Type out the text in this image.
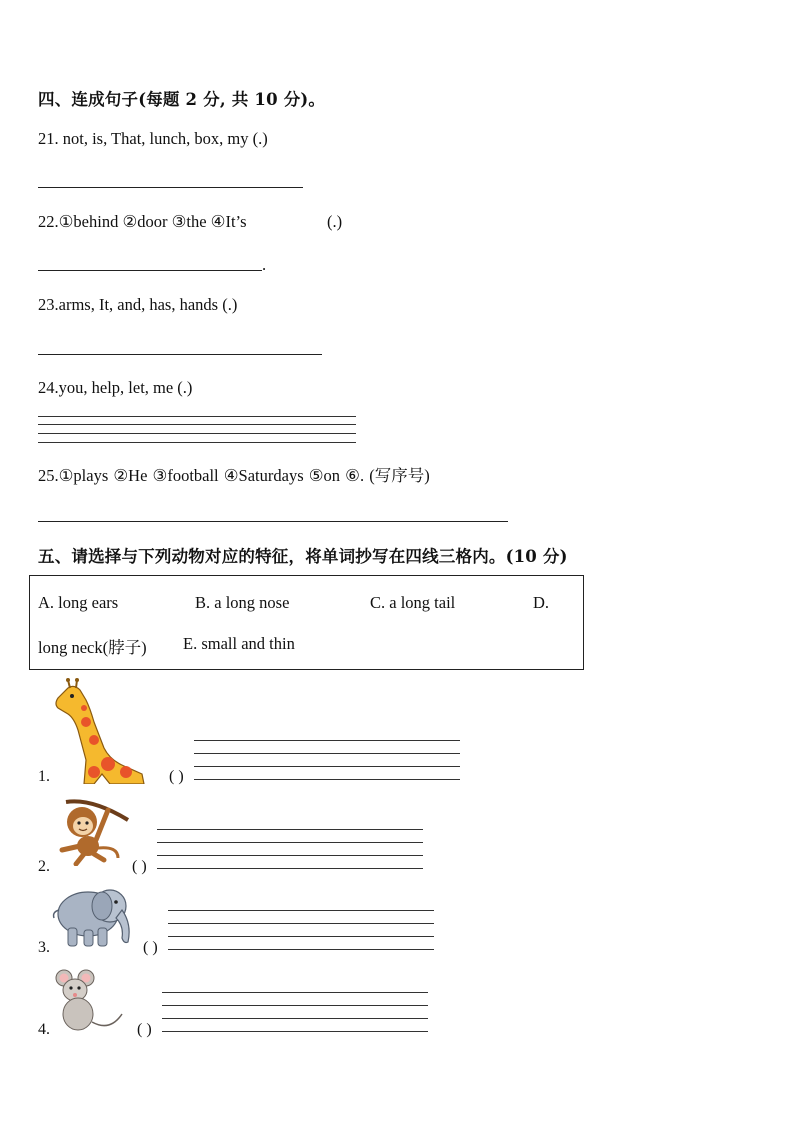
四、连成句子(每题 2 分, 共 10 分)。
21. not, is, That, lunch, box, my (.)
22.①behind ②door ③the ④It’s	(.)
.
23.arms, It, and, has, hands (.)
24.you, help, let, me (.)
25.①plays ②He ③football ④Saturdays ⑤on ⑥. (写序号)
五、请选择与下列动物对应的特征，将单词抄写在四线三格内。(10 分)
A. long ears	B. a long nose	C. a long tail	D.
long neck(脖子) E. small and thin
1.	( )
2.	( )
3.	( )
4.	( )
